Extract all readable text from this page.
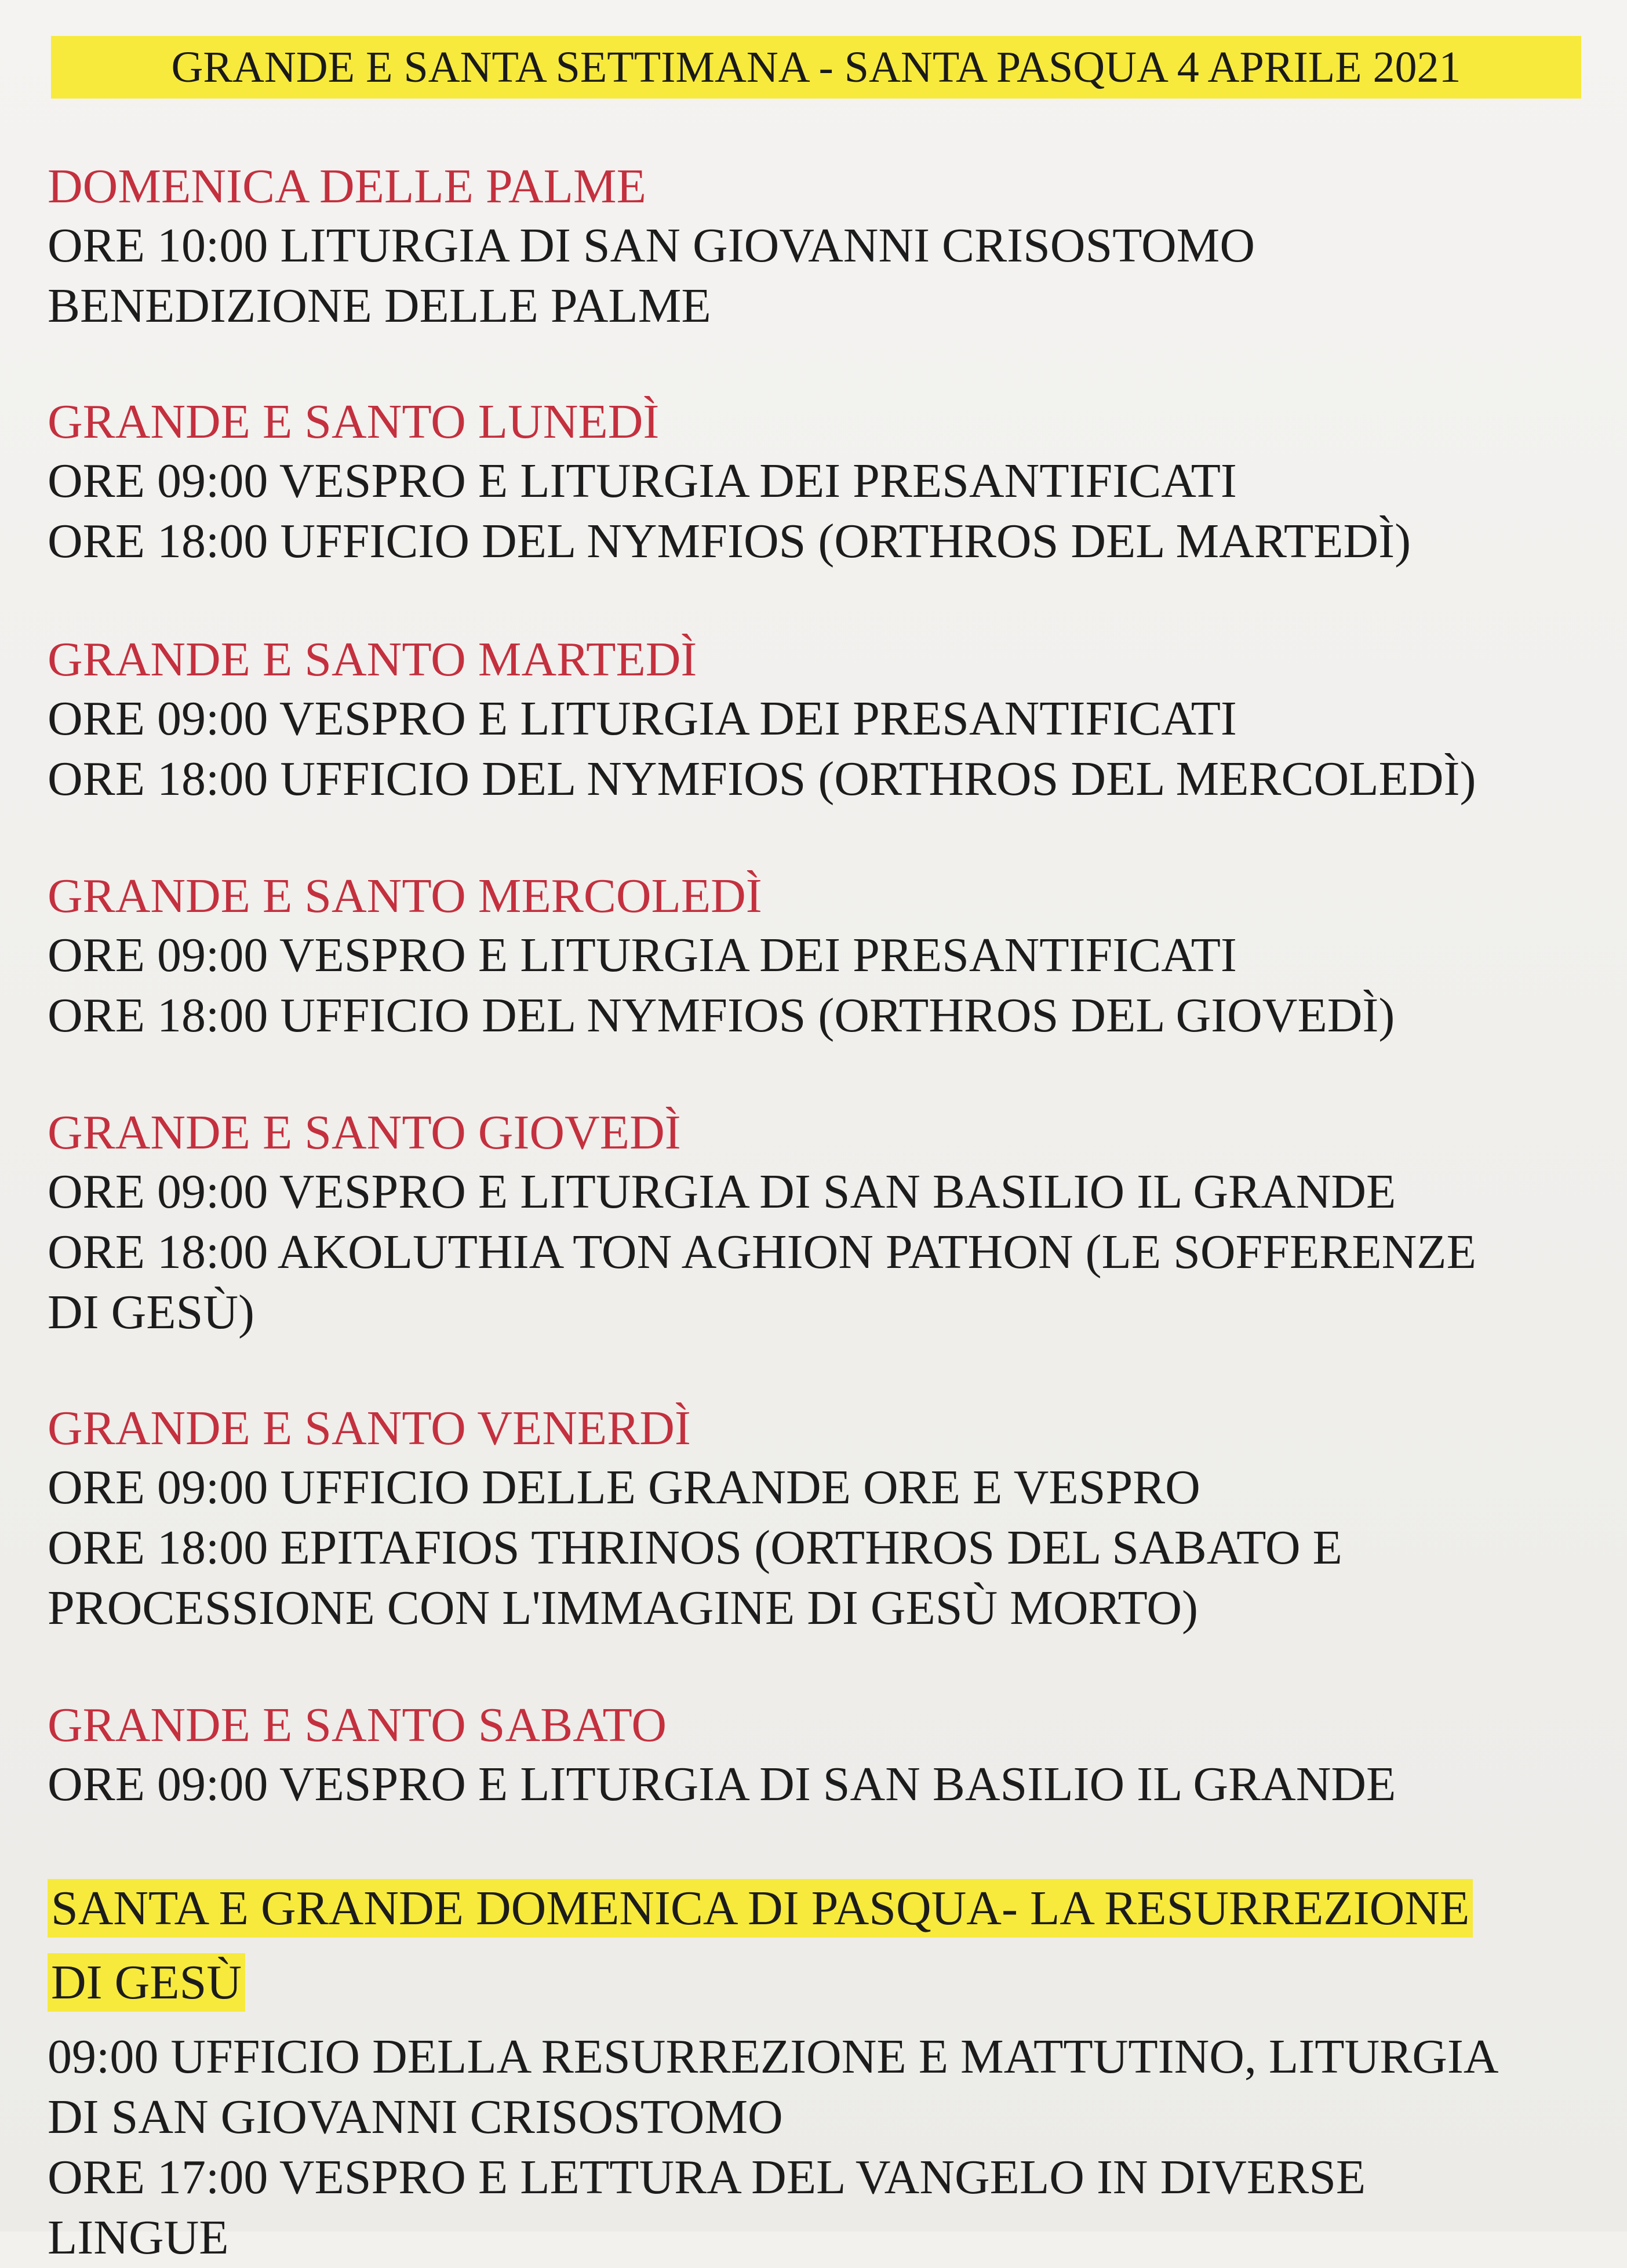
GRANDE E SANTA SETTIMANA - SANTA PASQUA 4 APRILE 2021
DOMENICA DELLE PALME
ORE 10:00 LITURGIA DI SAN GIOVANNI CRISOSTOMO
BENEDIZIONE DELLE PALME
GRANDE E SANTO LUNEDÌ
ORE 09:00 VESPRO E LITURGIA DEI PRESANTIFICATI
ORE 18:00 UFFICIO DEL NYMFIOS (ORTHROS DEL MARTEDÌ)
GRANDE E SANTO MARTEDÌ
ORE 09:00 VESPRO E LITURGIA DEI PRESANTIFICATI
ORE 18:00 UFFICIO DEL NYMFIOS (ORTHROS DEL MERCOLEDÌ)
GRANDE E SANTO MERCOLEDÌ
ORE 09:00 VESPRO E LITURGIA DEI PRESANTIFICATI
ORE 18:00 UFFICIO DEL NYMFIOS (ORTHROS DEL GIOVEDÌ)
GRANDE E SANTO GIOVEDÌ
ORE 09:00 VESPRO E LITURGIA DI SAN BASILIO IL GRANDE
ORE 18:00 AKOLUTHIA TON AGHION PATHON (LE SOFFERENZE
DI GESÙ)
GRANDE E SANTO VENERDÌ
ORE 09:00 UFFICIO DELLE GRANDE ORE E VESPRO
ORE 18:00 EPITAFIOS THRINOS (ORTHROS DEL SABATO E
PROCESSIONE CON L'IMMAGINE DI GESÙ MORTO)
GRANDE E SANTO SABATO
ORE 09:00 VESPRO E LITURGIA DI SAN BASILIO IL GRANDE
SANTA E GRANDE DOMENICA DI PASQUA- LA RESURREZIONE
DI GESÙ
09:00 UFFICIO DELLA RESURREZIONE E MATTUTINO, LITURGIA
DI SAN GIOVANNI CRISOSTOMO
ORE 17:00 VESPRO E LETTURA DEL VANGELO IN DIVERSE
LINGUE
